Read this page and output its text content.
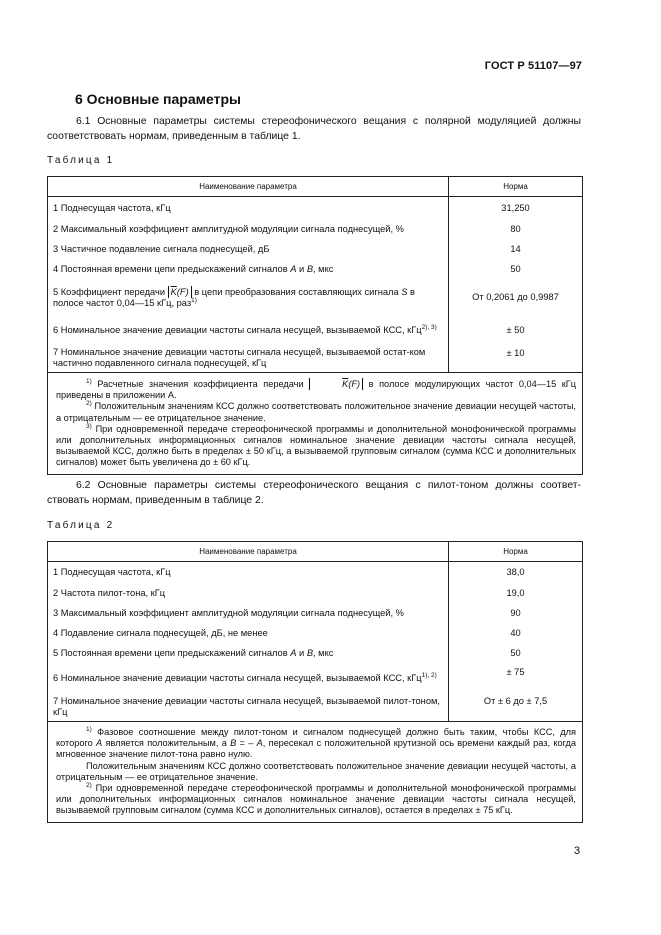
ГОСТ Р 51107—97
6 Основные параметры
6.1 Основные параметры системы стереофонического вещания с полярной модуляцией должны соответствовать нормам, приведенным в таблице 1.
Таблица 1
Наименование параметра	Норма
1 Поднесущая частота, кГц	31,250
2 Максимальный коэффициент амплитудной модуляции сигнала поднесущей, %	80
3 Частичное подавление сигнала поднесущей, дБ	14
4 Постоянная времени цепи предыскажений сигналов A и B, мкс	50
5 Коэффициент передачи $\overline{K}(F)$ в цепи преобразования составляющих сигнала S в полосе частот 0,04—15 кГц, раз$^{1)}$	От 0,2061 до 0,9987
6 Номинальное значение девиации частоты сигнала несущей, вызываемой КСС, кГц$^{2), 3)}$	± 50
7 Номинальное значение девиации частоты сигнала несущей, вызываемой остат-ком частично подавленного сигнала поднесущей, кГц	± 10

$^{1)}$ Расчетные значения коэффициента передачи $\overline{K}(F)$ в полосе модулирующих частот 0,04—15 кГц приведены в приложении А.

$^{2)}$ Положительным значениям КСС должно соответствовать положительное значение девиации несущей частоты, а отрицательным — ее отрицательное значение.

$^{3)}$ При одновременной передаче стереофонической программы и дополнительной монофонической программы или дополнительных информационных сигналов номинальное значение девиации частоты сигнала несущей, вызываемой КСС, должно быть в пределах ± 50 кГц, а вызываемой групповым сигналом (сумма КСС и дополнительных сигналов) может быть увеличена до ± 60 кГц.	

6.2 Основные параметры системы стереофонического вещания с пилот-тоном должны соответ-ствовать нормам, приведенным в таблице 2.
Таблица 2
Наименование параметра	Норма
1 Поднесущая частота, кГц	38,0
2 Частота пилот-тона, кГц	19,0
3 Максимальный коэффициент амплитудной модуляции сигнала поднесущей, %	90
4 Подавление сигнала поднесущей, дБ, не менее	40
5 Постоянная времени цепи предыскажений сигналов A и B, мкс	50
6 Номинальное значение девиации частоты сигнала несущей, вызываемой КСС, кГц$^{1), 2)}$	± 75
7 Номинальное значение девиации частоты сигнала несущей, вызываемой пилот-тоном, кГц	От ± 6 до ± 7,5

$^{1)}$ Фазовое соотношение между пилот-тоном и сигналом поднесущей должно быть таким, чтобы КСС, для которого A является положительным, а B = – A, пересекал с положительной крутизной ось времени каждый раз, когда мгновенное значение пилот-тона равно нулю.

Положительным значениям КСС должно соответствовать положительное значение девиации несущей частоты, а отрицательным — ее отрицательное значение.

$^{2)}$ При одновременной передаче стереофонической программы и дополнительной монофонической программы или дополнительных информационных сигналов номинальное значение девиации частоты сигнала несущей, вызываемой групповым сигналом (сумма КСС и дополнительных сигналов), остается в пределах ± 75 кГц.	

3
